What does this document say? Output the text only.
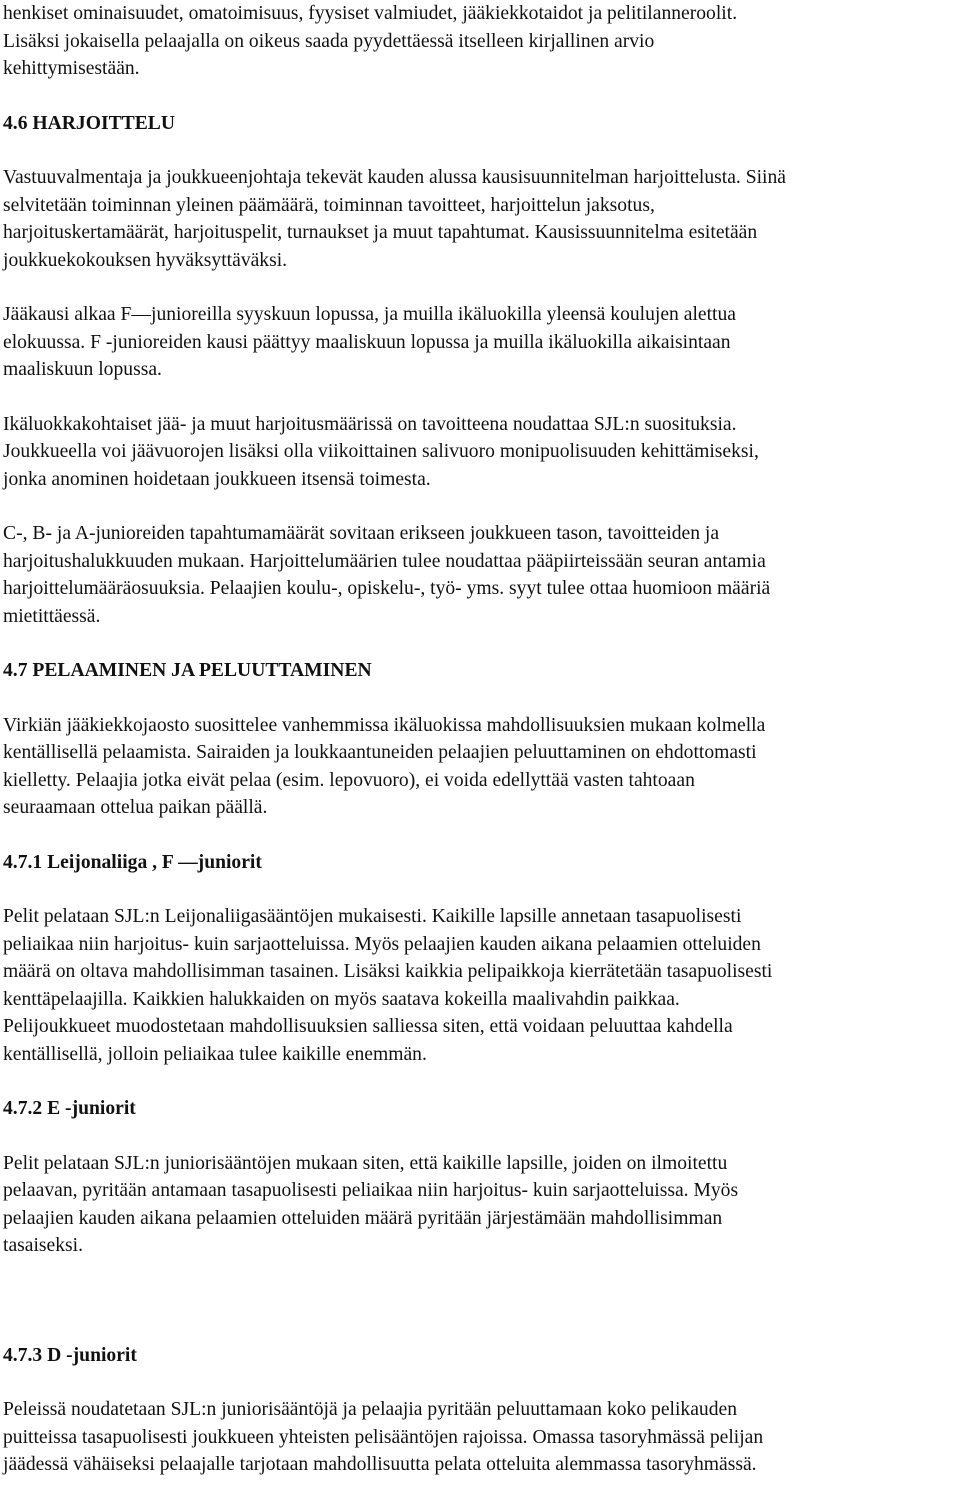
henkiset ominaisuudet, omatoimisuus, fyysiset valmiudet, jääkiekkotaidot ja pelitilanneroolit.
Lisäksi jokaisella pelaajalla on oikeus saada pyydettäessä itselleen kirjallinen arvio
kehittymisestään.

4.6 HARJOITTELU

Vastuuvalmentaja ja joukkueenjohtaja tekevät kauden alussa kausisuunnitelman harjoittelusta. Siinä
selvitetään toiminnan yleinen päämäärä, toiminnan tavoitteet, harjoittelun jaksotus,
harjoituskertamäärät, harjoituspelit, turnaukset ja muut tapahtumat. Kausissuunnitelma esitetään
joukkuekokouksen hyväksyttäväksi.

Jääkausi alkaa F—junioreilla syyskuun lopussa, ja muilla ikäluokilla yleensä koulujen alettua
elokuussa. F -junioreiden kausi päättyy maaliskuun lopussa ja muilla ikäluokilla aikaisintaan
maaliskuun lopussa.

Ikäluokkakohtaiset jää- ja muut harjoitusmäärissä on tavoitteena noudattaa SJL:n suosituksia.
Joukkueella voi jäävuorojen lisäksi olla viikoittainen salivuoro monipuolisuuden kehittämiseksi,
jonka anominen hoidetaan joukkueen itsensä toimesta.

C-, B- ja A-junioreiden tapahtumamäärät sovitaan erikseen joukkueen tason, tavoitteiden ja
harjoitushalukkuuden mukaan. Harjoittelumäärien tulee noudattaa pääpiirteissään seuran antamia
harjoittelumääräosuuksia. Pelaajien koulu-, opiskelu-, työ- yms. syyt tulee ottaa huomioon määriä
mietittäessä.

4.7 PELAAMINEN JA PELUUTTAMINEN

Virkiän jääkiekkojaosto suosittelee vanhemmissa ikäluokissa mahdollisuuksien mukaan kolmella
kentällisellä pelaamista. Sairaiden ja loukkaantuneiden pelaajien peluuttaminen on ehdottomasti
kielletty. Pelaajia jotka eivät pelaa (esim. lepovuoro), ei voida edellyttää vasten tahtoaan
seuraamaan ottelua paikan päällä.

4.7.1 Leijonaliiga , F —juniorit

Pelit pelataan SJL:n Leijonaliigasääntöjen mukaisesti. Kaikille lapsille annetaan tasapuolisesti
peliaikaa niin harjoitus- kuin sarjaotteluissa. Myös pelaajien kauden aikana pelaamien otteluiden
määrä on oltava mahdollisimman tasainen. Lisäksi kaikkia pelipaikkoja kierrätetään tasapuolisesti
kenttäpelaajilla. Kaikkien halukkaiden on myös saatava kokeilla maalivahdin paikkaa.
Pelijoukkueet muodostetaan mahdollisuuksien salliessa siten, että voidaan peluuttaa kahdella
kentällisellä, jolloin peliaikaa tulee kaikille enemmän.

4.7.2 E -juniorit

Pelit pelataan SJL:n juniorisääntöjen mukaan siten, että kaikille lapsille, joiden on ilmoitettu
pelaavan, pyritään antamaan tasapuolisesti peliaikaa niin harjoitus- kuin sarjaotteluissa. Myös
pelaajien kauden aikana pelaamien otteluiden määrä pyritään järjestämään mahdollisimman
tasaiseksi.

4.7.3 D -juniorit

Peleissä noudatetaan SJL:n juniorisääntöjä ja pelaajia pyritään peluuttamaan koko pelikauden
puitteissa tasapuolisesti joukkueen yhteisten pelisääntöjen rajoissa. Omassa tasoryhmässä pelijan
jäädessä vähäiseksi pelaajalle tarjotaan mahdollisuutta pelata otteluita alemmassa tasoryhmässä.
